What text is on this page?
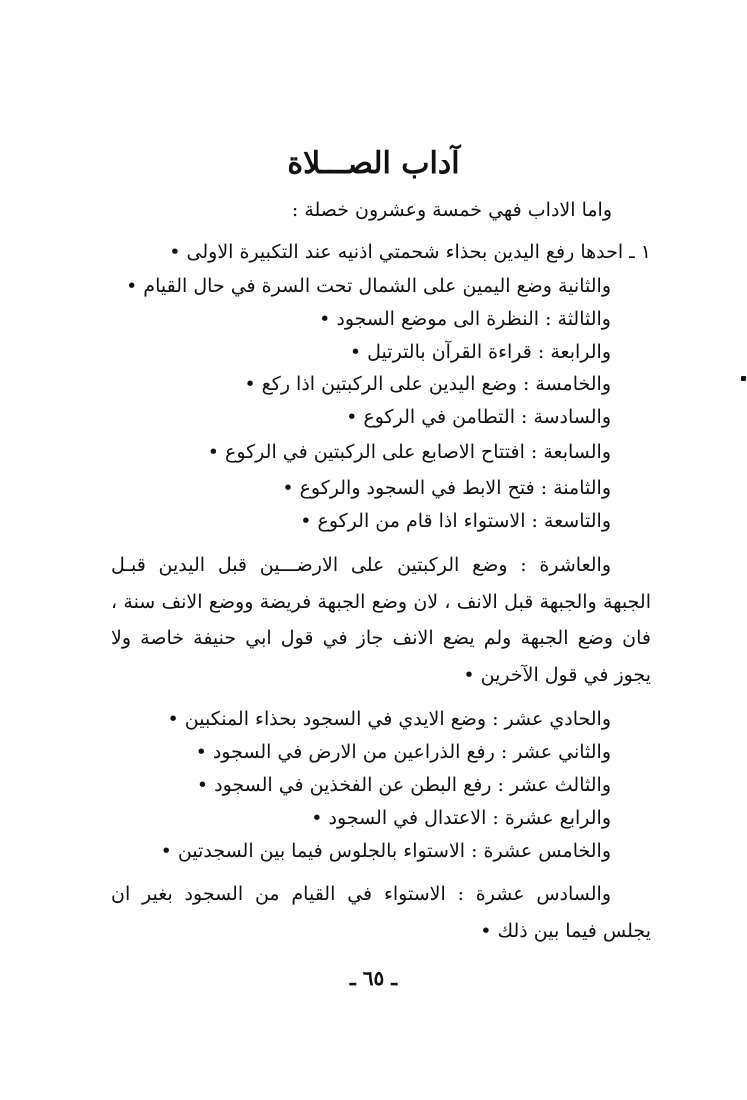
آداب الصـــلاة

واما الاداب فهي خمسة وعشرون خصلة :

١ ـ احدها رفع اليدين بحذاء شحمتي اذنيه عند التكبيرة الاولى •

والثانية وضع اليمين على الشمال تحت السرة في حال القيام •

والثالثة : النظرة الى موضع السجود •

والرابعة : قراءة القرآن بالترتيل •

والخامسة : وضع اليدين على الركبتين اذا ركع •

والسادسة : التطامن في الركوع •

والسابعة : افتتاح الاصابع على الركبتين في الركوع •

والثامنة : فتح الابط في السجود والركوع •

والتاسعة : الاستواء اذا قام من الركوع •

والعاشرة : وضع الركبتين على الارضـــين قبل اليدين قبـل الجبهة والجبهة قبل الانف ، لان وضع الجبهة فريضة ووضع الانف سنة ، فان وضع الجبهة ولم يضع الانف جاز في قول ابي حنيفة خاصة ولا يجوز في قول الآخرين •

والحادي عشر : وضع الايدي في السجود بحذاء المنكبين •

والثاني عشر : رفع الذراعين من الارض في السجود •

والثالث عشر : رفع البطن عن الفخذين في السجود •

والرابع عشرة : الاعتدال في السجود •

والخامس عشرة : الاستواء بالجلوس فيما بين السجدتين •

والسادس عشرة : الاستواء في القيام من السجود بغير ان يجلس فيما بين ذلك •

ـ ٦٥ ـ
